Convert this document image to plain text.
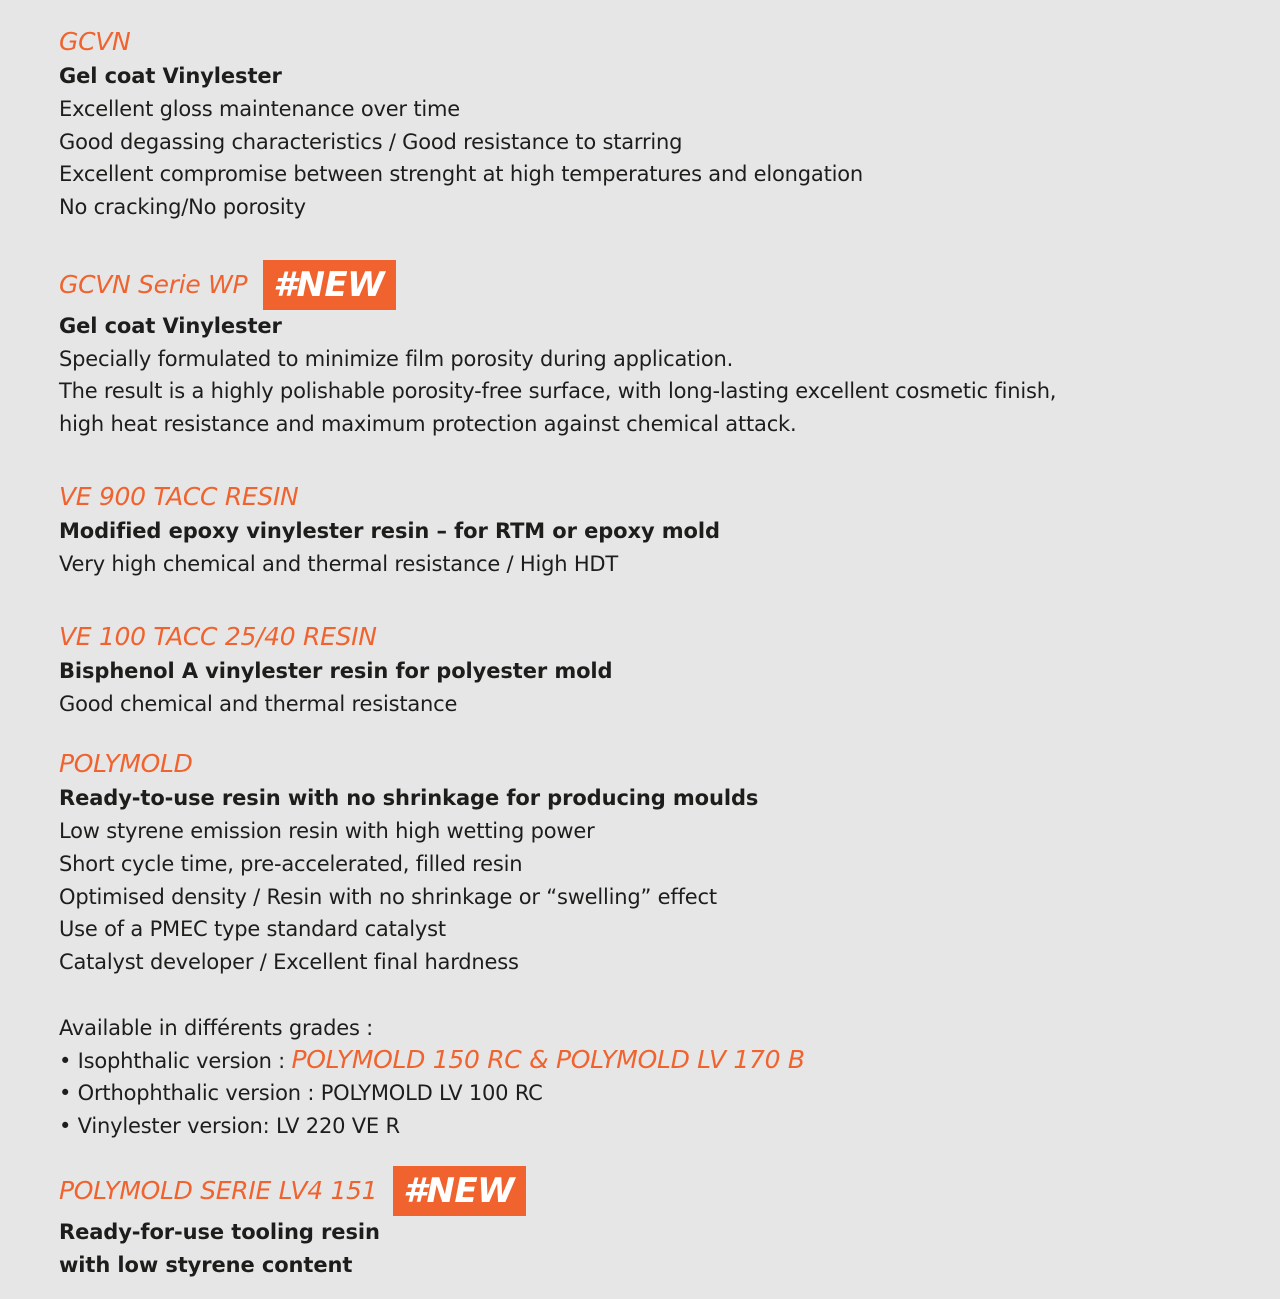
GCVN
Gel coat Vinylester
Excellent gloss maintenance over time
Good degassing characteristics / Good resistance to starring
Excellent compromise between strenght at high temperatures and elongation
No cracking/No porosity
GCVN Serie WP #NEW
Gel coat Vinylester
Specially formulated to minimize film porosity during application.
The result is a highly polishable porosity-free surface, with long-lasting excellent cosmetic finish,
high heat resistance and maximum protection against chemical attack.
VE 900 TACC RESIN
Modified epoxy vinylester resin – for RTM or epoxy mold
Very high chemical and thermal resistance / High HDT
VE 100 TACC 25/40 RESIN
Bisphenol A vinylester resin for polyester mold
Good chemical and thermal resistance
POLYMOLD
Ready-to-use resin with no shrinkage for producing moulds
Low styrene emission resin with high wetting power
Short cycle time, pre-accelerated, filled resin
Optimised density / Resin with no shrinkage or “swelling” effect
Use of a PMEC type standard catalyst
Catalyst developer / Excellent final hardness
Available in différents grades :
• Isophthalic version : POLYMOLD 150 RC & POLYMOLD LV 170 B
• Orthophthalic version : POLYMOLD LV 100 RC
• Vinylester version: LV 220 VE R
POLYMOLD SERIE LV4 151 #NEW
Ready-for-use tooling resin
with low styrene content
